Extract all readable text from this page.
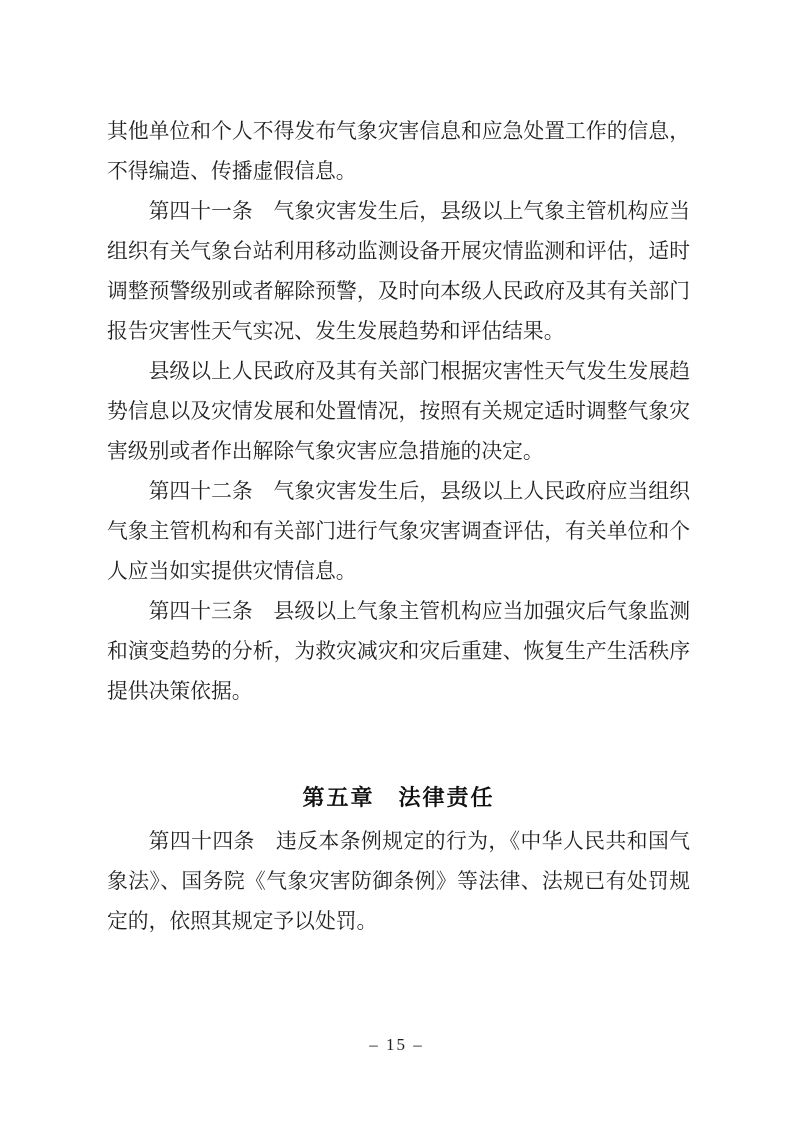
其他单位和个人不得发布气象灾害信息和应急处置工作的信息，不得编造、传播虚假信息。

第四十一条　气象灾害发生后，县级以上气象主管机构应当组织有关气象台站利用移动监测设备开展灾情监测和评估，适时调整预警级别或者解除预警，及时向本级人民政府及其有关部门报告灾害性天气实况、发生发展趋势和评估结果。

县级以上人民政府及其有关部门根据灾害性天气发生发展趋势信息以及灾情发展和处置情况，按照有关规定适时调整气象灾害级别或者作出解除气象灾害应急措施的决定。

第四十二条　气象灾害发生后，县级以上人民政府应当组织气象主管机构和有关部门进行气象灾害调查评估，有关单位和个人应当如实提供灾情信息。

第四十三条　县级以上气象主管机构应当加强灾后气象监测和演变趋势的分析，为救灾减灾和灾后重建、恢复生产生活秩序提供决策依据。

第五章　法律责任

第四十四条　违反本条例规定的行为，《中华人民共和国气象法》、国务院《气象灾害防御条例》等法律、法规已有处罚规定的，依照其规定予以处罚。

– 15 –
